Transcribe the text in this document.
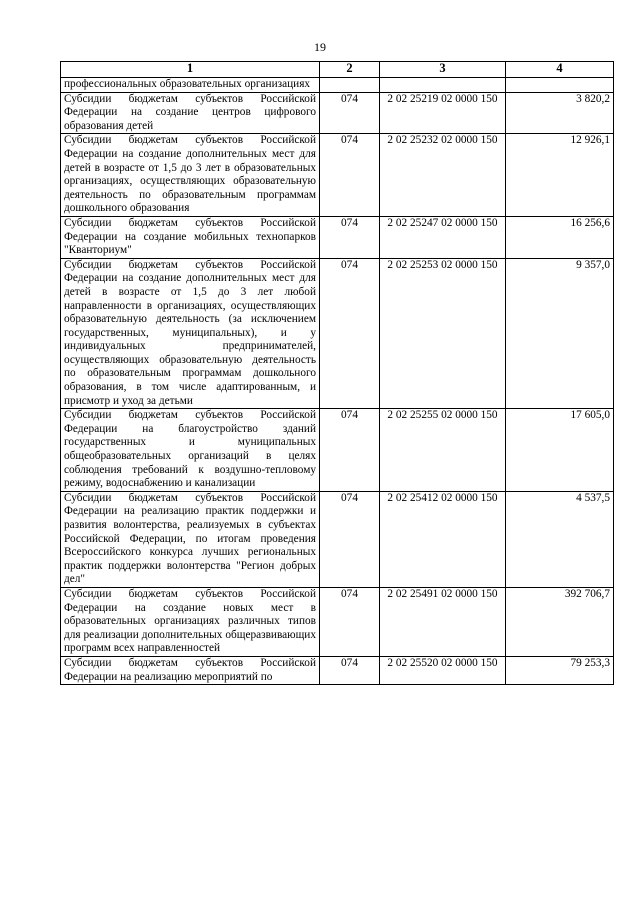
19
1	2	3	4
профессиональных образовательных организациях			
Субсидии бюджетам субъектов Российской Федерации на создание центров цифрового образования детей	074	2 02 25219 02 0000 150	3 820,2
Субсидии бюджетам субъектов Российской Федерации на создание дополнительных мест для детей в возрасте от 1,5 до 3 лет в образовательных организациях, осуществляющих образовательную деятельность по образовательным программам дошкольного образования	074	2 02 25232 02 0000 150	12 926,1
Субсидии бюджетам субъектов Российской Федерации на создание мобильных технопарков "Кванториум"	074	2 02 25247 02 0000 150	16 256,6
Субсидии бюджетам субъектов Российской Федерации на создание дополнительных мест для детей в возрасте от 1,5 до 3 лет любой направленности в организациях, осуществляющих образовательную деятельность (за исключением государственных, муниципальных), и у индивидуальных предпринимателей, осуществляющих образовательную деятельность по образовательным программам дошкольного образования, в том числе адаптированным, и присмотр и уход за детьми	074	2 02 25253 02 0000 150	9 357,0
Субсидии бюджетам субъектов Российской Федерации на благоустройство зданий государственных и муниципальных общеобразовательных организаций в целях соблюдения требований к воздушно-тепловому режиму, водоснабжению и канализации	074	2 02 25255 02 0000 150	17 605,0
Субсидии бюджетам субъектов Российской Федерации на реализацию практик поддержки и развития волонтерства, реализуемых в субъектах Российской Федерации, по итогам проведения Всероссийского конкурса лучших региональных практик поддержки волонтерства "Регион добрых дел"	074	2 02 25412 02 0000 150	4 537,5
Субсидии бюджетам субъектов Российской Федерации на создание новых мест в образовательных организациях различных типов для реализации дополнительных общеразвивающих программ всех направленностей	074	2 02 25491 02 0000 150	392 706,7
Субсидии бюджетам субъектов Российской Федерации на реализацию мероприятий по	074	2 02 25520 02 0000 150	79 253,3
